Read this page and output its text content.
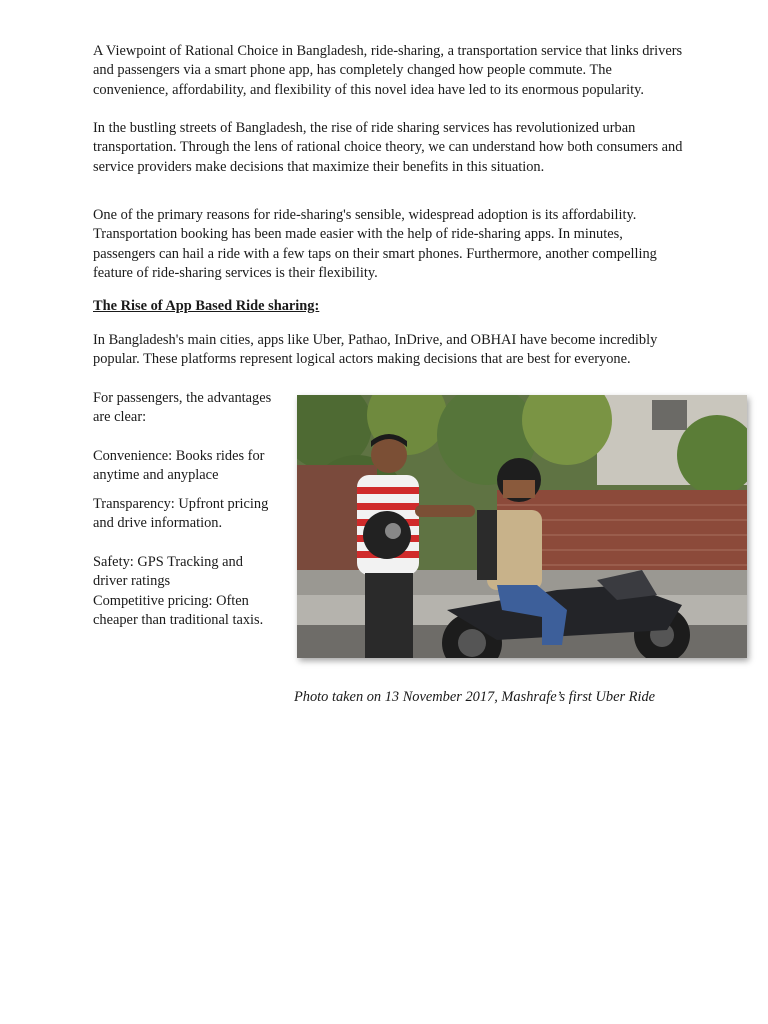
A Viewpoint of Rational Choice in Bangladesh, ride-sharing, a transportation service that links drivers and passengers via a smart phone app, has completely changed how people commute. The convenience, affordability, and flexibility of this novel idea have led to its enormous popularity.

In the bustling streets of Bangladesh, the rise of ride sharing services has revolutionized urban transportation. Through the lens of rational choice theory, we can understand how both consumers and service providers make decisions that maximize their benefits in this situation.

One of the primary reasons for ride-sharing's sensible, widespread adoption is its affordability. Transportation booking has been made easier with the help of ride-sharing apps. In minutes, passengers can hail a ride with a few taps on their smart phones. Furthermore, another compelling feature of ride-sharing services is their flexibility.

The Rise of App Based Ride sharing:

In Bangladesh's main cities, apps like Uber, Pathao, InDrive, and OBHAI have become incredibly popular. These platforms represent logical actors making decisions that are best for everyone.

For passengers, the advantages are clear:

Convenience: Books rides for anytime and anyplace

Transparency: Upfront pricing and drive information.

Safety: GPS Tracking and driver ratings

Competitive pricing: Often cheaper than traditional taxis.

Photo taken on 13 November 2017, Mashrafe’s first Uber Ride
